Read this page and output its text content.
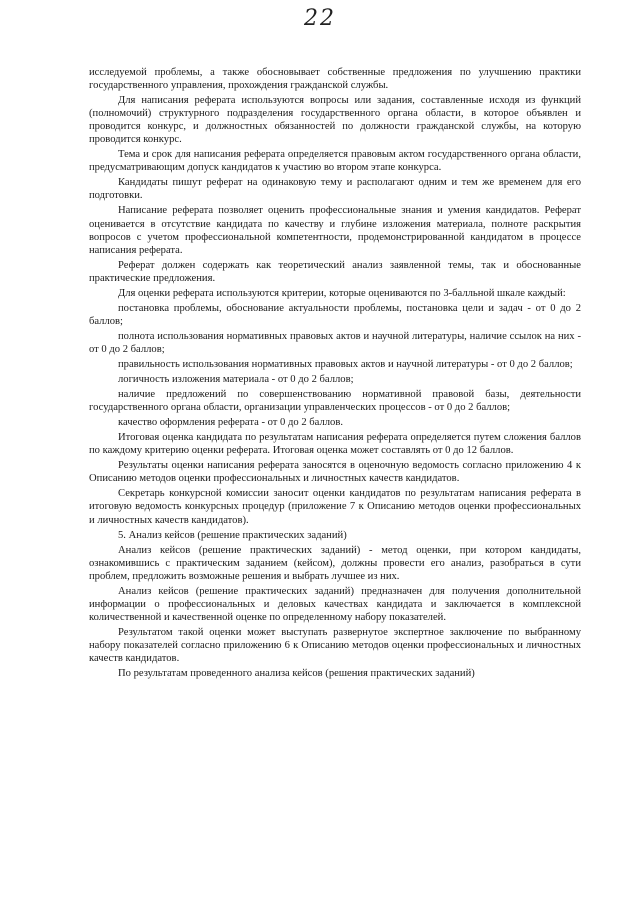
22

исследуемой проблемы, а также обосновывает собственные предложения по улучшению практики государственного управления, прохождения гражданской службы.

Для написания реферата используются вопросы или задания, составленные исходя из функций (полномочий) структурного подразделения государственного органа области, в которое объявлен и проводится конкурс, и должностных обязанностей по должности гражданской службы, на которую проводится конкурс.

Тема и срок для написания реферата определяется правовым актом государственного органа области, предусматривающим допуск кандидатов к участию во втором этапе конкурса.

Кандидаты пишут реферат на одинаковую тему и располагают одним и тем же временем для его подготовки.

Написание реферата позволяет оценить профессиональные знания и умения кандидатов. Реферат оценивается в отсутствие кандидата по качеству и глубине изложения материала, полноте раскрытия вопросов с учетом профессиональной компетентности, продемонстрированной кандидатом в процессе написания реферата.

Реферат должен содержать как теоретический анализ заявленной темы, так и обоснованные практические предложения.

Для оценки реферата используются критерии, которые оцениваются по 3-балльной шкале каждый:

постановка проблемы, обоснование актуальности проблемы, постановка цели и задач - от 0 до 2 баллов;

полнота использования нормативных правовых актов и научной литературы, наличие ссылок на них - от 0 до 2 баллов;

правильность использования нормативных правовых актов и научной литературы - от 0 до 2 баллов;

логичность изложения материала - от 0 до 2 баллов;

наличие предложений по совершенствованию нормативной правовой базы, деятельности государственного органа области, организации управленческих процессов - от 0 до 2 баллов;

качество оформления реферата - от 0 до 2 баллов.

Итоговая оценка кандидата по результатам написания реферата определяется путем сложения баллов по каждому критерию оценки реферата. Итоговая оценка может составлять от 0 до 12 баллов.

Результаты оценки написания реферата заносятся в оценочную ведомость согласно приложению 4 к Описанию методов оценки профессиональных и личностных качеств кандидатов.

Секретарь конкурсной комиссии заносит оценки кандидатов по результатам написания реферата в итоговую ведомость конкурсных процедур (приложение 7 к Описанию методов оценки профессиональных и личностных качеств кандидатов).

5. Анализ кейсов (решение практических заданий)

Анализ кейсов (решение практических заданий) - метод оценки, при котором кандидаты, ознакомившись с практическим заданием (кейсом), должны провести его анализ, разобраться в сути проблем, предложить возможные решения и выбрать лучшее из них.

Анализ кейсов (решение практических заданий) предназначен для получения дополнительной информации о профессиональных и деловых качествах кандидата и заключается в комплексной количественной и качественной оценке по определенному набору показателей.

Результатом такой оценки может выступать развернутое экспертное заключение по выбранному набору показателей согласно приложению 6 к Описанию методов оценки профессиональных и личностных качеств кандидатов.

По результатам проведенного анализа кейсов (решения практических заданий)
